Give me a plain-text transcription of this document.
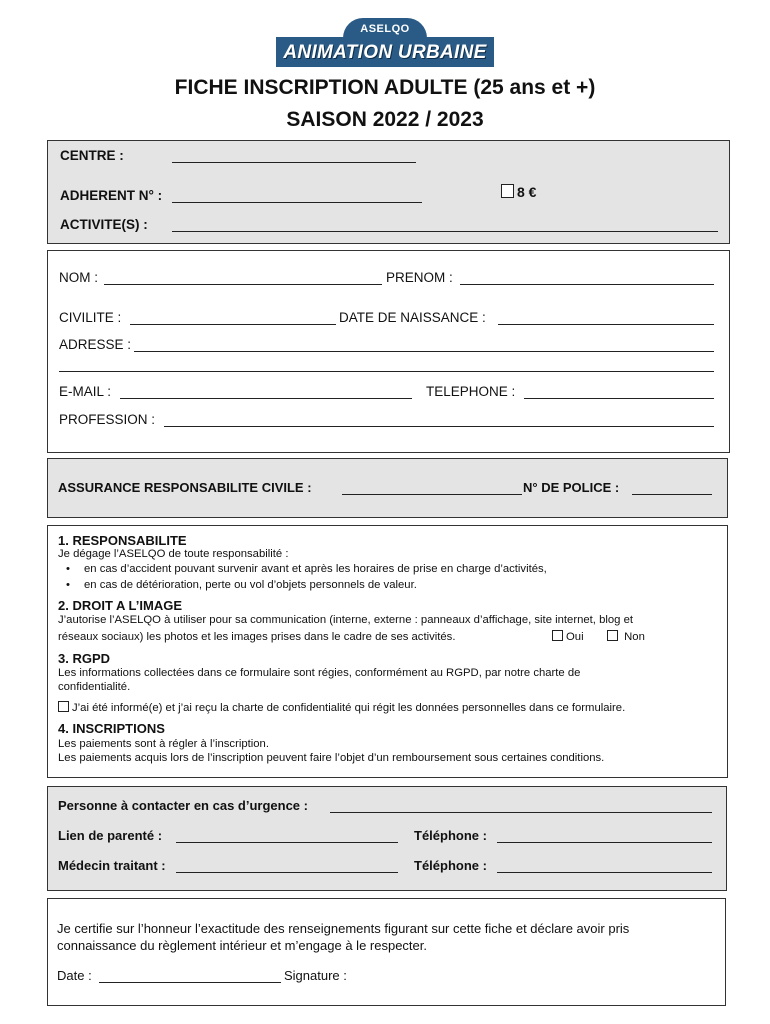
ASELQO
ANIMATION URBAINE
FICHE INSCRIPTION ADULTE (25 ans et +)
SAISON 2022 / 2023
CENTRE :
ADHERENT N° :	8 €
ACTIVITE(S) :
NOM :	PRENOM :
CIVILITE :	DATE DE NAISSANCE :
ADRESSE :
E-MAIL :	TELEPHONE :
PROFESSION :
ASSURANCE RESPONSABILITE CIVILE :	N° DE POLICE :
1. RESPONSABILITE
Je dégage l’ASELQO de toute responsabilité :
• en cas d’accident pouvant survenir avant et après les horaires de prise en charge d’activités,
• en cas de détérioration, perte ou vol d’objets personnels de valeur.
2. DROIT A L’IMAGE
J’autorise l’ASELQO à utiliser pour sa communication (interne, externe : panneaux d’affichage, site internet, blog et
réseaux sociaux) les photos et les images prises dans le cadre de ses activités.	Oui	Non
3. RGPD
Les informations collectées dans ce formulaire sont régies, conformément au RGPD, par notre charte de
confidentialité.
J’ai été informé(e) et j’ai reçu la charte de confidentialité qui régit les données personnelles dans ce formulaire.
4. INSCRIPTIONS
Les paiements sont à régler à l’inscription.
Les paiements acquis lors de l’inscription peuvent faire l’objet d’un remboursement sous certaines conditions.
Personne à contacter en cas d’urgence :
Lien de parenté :	Téléphone :
Médecin traitant :	Téléphone :
Je certifie sur l’honneur l’exactitude des renseignements figurant sur cette fiche et déclare avoir pris
connaissance du règlement intérieur et m’engage à le respecter.
Date :	Signature :
